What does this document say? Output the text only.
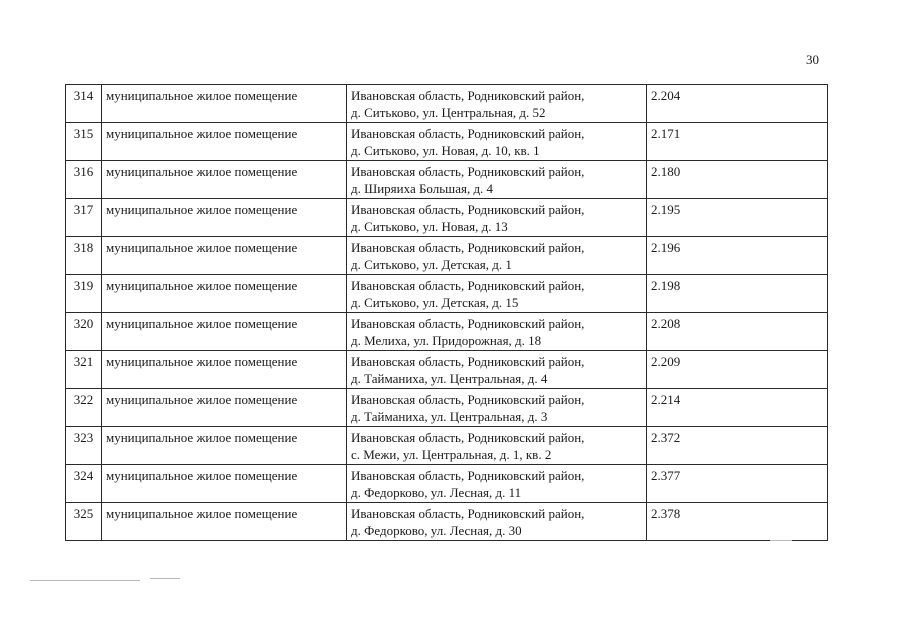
30
314	муниципальное жилое помещение	Ивановская область, Родниковский район,
д. Ситьково, ул. Центральная, д. 52	2.204
315	муниципальное жилое помещение	Ивановская область, Родниковский район,
д. Ситьково, ул. Новая, д. 10, кв. 1	2.171
316	муниципальное жилое помещение	Ивановская область, Родниковский район,
д. Ширяиха Большая, д. 4	2.180
317	муниципальное жилое помещение	Ивановская область, Родниковский район,
д. Ситьково, ул. Новая, д. 13	2.195
318	муниципальное жилое помещение	Ивановская область, Родниковский район,
д. Ситьково, ул. Детская, д. 1	2.196
319	муниципальное жилое помещение	Ивановская область, Родниковский район,
д. Ситьково, ул. Детская, д. 15	2.198
320	муниципальное жилое помещение	Ивановская область, Родниковский район,
д. Мелиха, ул. Придорожная, д. 18	2.208
321	муниципальное жилое помещение	Ивановская область, Родниковский район,
д. Тайманиха, ул. Центральная, д. 4	2.209
322	муниципальное жилое помещение	Ивановская область, Родниковский район,
д. Тайманиха, ул. Центральная, д. 3	2.214
323	муниципальное жилое помещение	Ивановская область, Родниковский район,
с. Межи, ул. Центральная, д. 1, кв. 2	2.372
324	муниципальное жилое помещение	Ивановская область, Родниковский район,
д. Федорково, ул. Лесная, д. 11	2.377
325	муниципальное жилое помещение	Ивановская область, Родниковский район,
д. Федорково, ул. Лесная, д. 30	2.378
